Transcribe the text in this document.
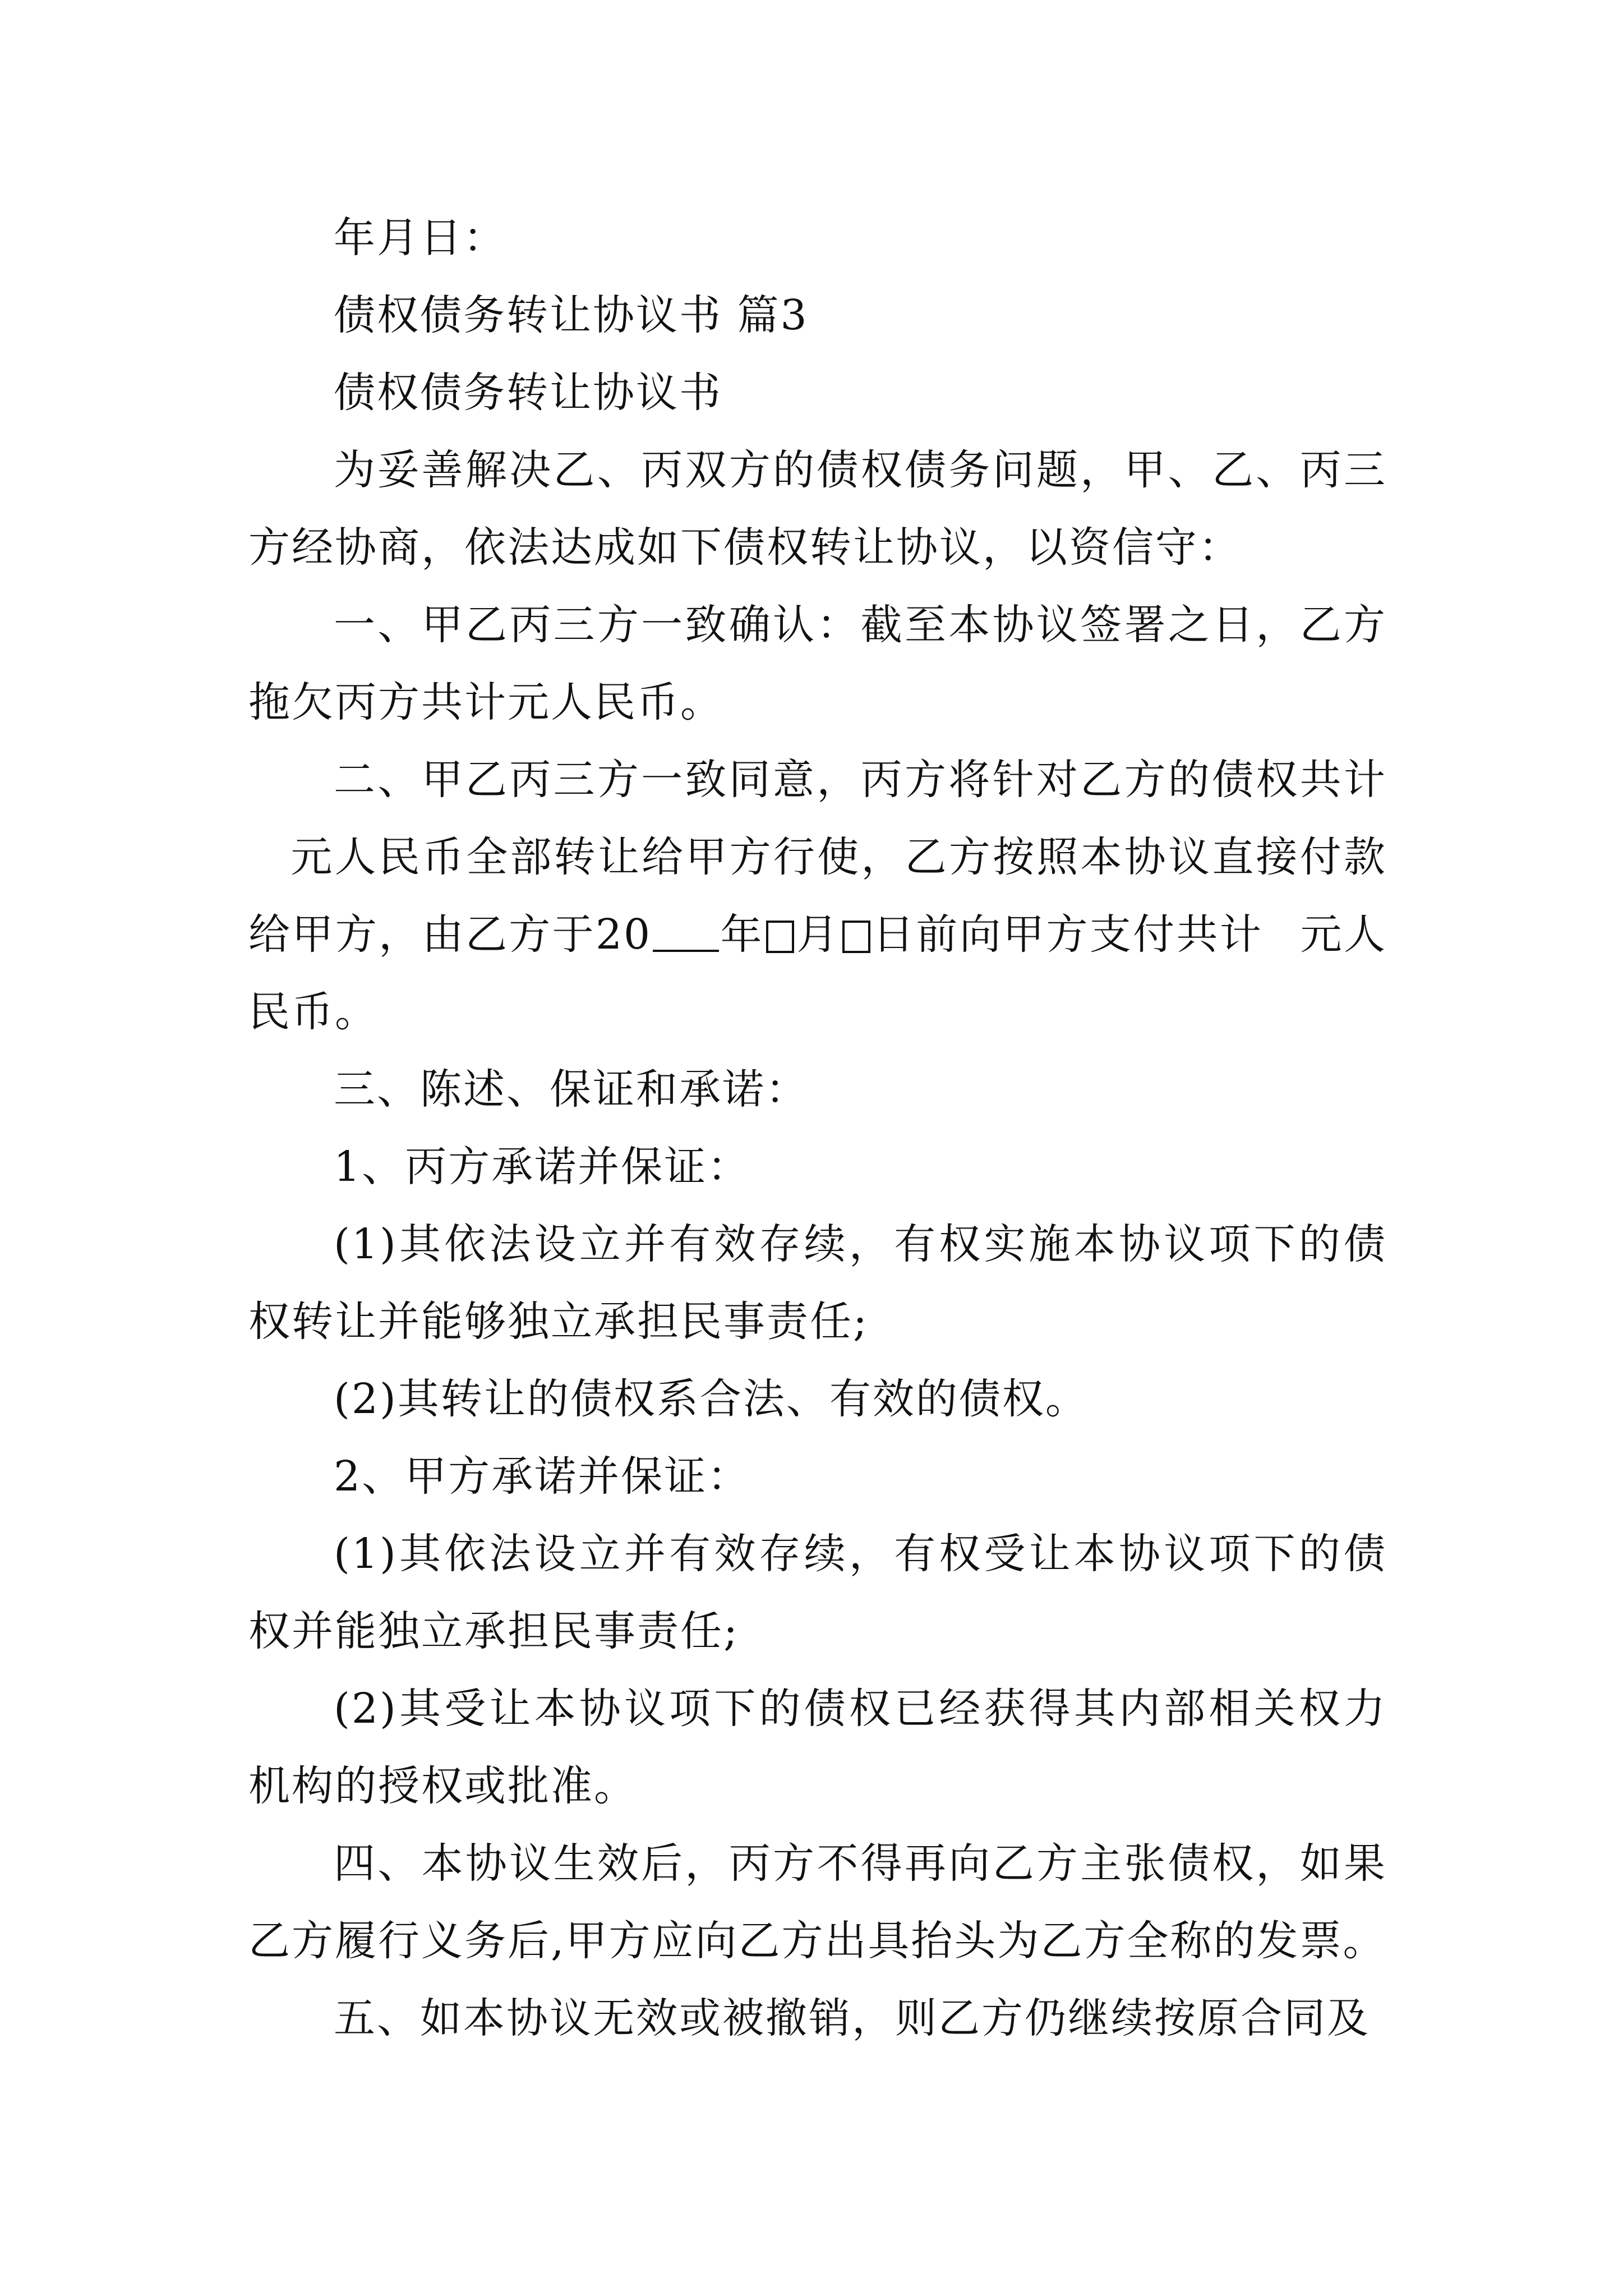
年月日：

债权债务转让协议书 篇3

债权债务转让协议书

为妥善解决乙、丙双方的债权债务问题，甲、乙、丙三方经协商，依法达成如下债权转让协议，以资信守：

一、甲乙丙三方一致确认：截至本协议签署之日，乙方拖欠丙方共计元人民币。

二、甲乙丙三方一致同意，丙方将针对乙方的债权共计元人民币全部转让给甲方行使，乙方按照本协议直接付款给甲方，由乙方于20 年 月 日前向甲方支付共计 元人民币。

三、陈述、保证和承诺：

1、丙方承诺并保证：

(1)其依法设立并有效存续，有权实施本协议项下的债权转让并能够独立承担民事责任;

(2)其转让的债权系合法、有效的债权。

2、甲方承诺并保证：

(1)其依法设立并有效存续，有权受让本协议项下的债权并能独立承担民事责任;

(2)其受让本协议项下的债权已经获得其内部相关权力机构的授权或批准。

四、本协议生效后，丙方不得再向乙方主张债权，如果乙方履行义务后,甲方应向乙方出具抬头为乙方全称的发票。

五、如本协议无效或被撤销，则乙方仍继续按原合同及
